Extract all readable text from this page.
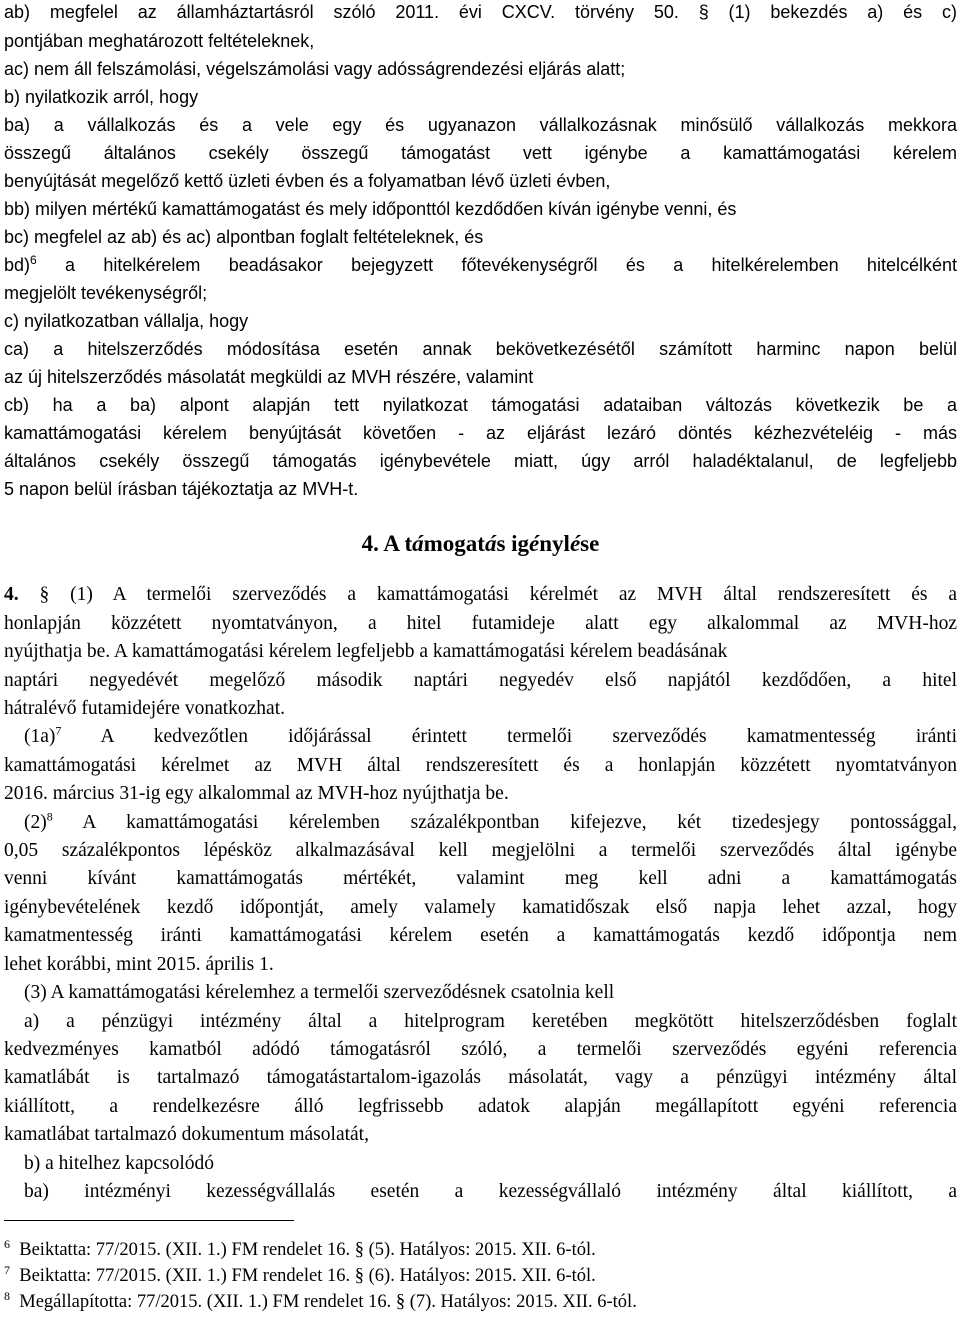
ab) megfelel az államháztartásról szóló 2011. évi CXCV. törvény 50. § (1) bekezdés a) és c)
pontjában meghatározott feltételeknek,
ac) nem áll felszámolási, végelszámolási vagy adósságrendezési eljárás alatt;
b) nyilatkozik arról, hogy
ba) a vállalkozás és a vele egy és ugyanazon vállalkozásnak minősülő vállalkozás mekkora
összegű általános csekély összegű támogatást vett igénybe a kamattámogatási kérelem
benyújtását megelőző kettő üzleti évben és a folyamatban lévő üzleti évben,
bb) milyen mértékű kamattámogatást és mely időponttól kezdődően kíván igénybe venni, és
bc) megfelel az ab) és ac) alpontban foglalt feltételeknek, és
bd)$^6$ a hitelkérelem beadásakor bejegyzett főtevékenységről és a hitelkérelemben hitelcélként
megjelölt tevékenységről;
c) nyilatkozatban vállalja, hogy
ca) a hitelszerződés módosítása esetén annak bekövetkezésétől számított harminc napon belül
az új hitelszerződés másolatát megküldi az MVH részére, valamint
cb) ha a ba) alpont alapján tett nyilatkozat támogatási adataiban változás következik be a
kamattámogatási kérelem benyújtását követően - az eljárást lezáró döntés kézhezvételéig - más
általános csekély összegű támogatás igénybevétele miatt, úgy arról haladéktalanul, de legfeljebb
5 napon belül írásban tájékoztatja az MVH-t.
4. A támogatás igénylése
4. § (1) A termelői szerveződés a kamattámogatási kérelmét az MVH által rendszeresített és a
honlapján közzétett nyomtatványon, a hitel futamideje alatt egy alkalommal az MVH-hoz
nyújthatja be. A kamattámogatási kérelem legfeljebb a kamattámogatási kérelem beadásának
naptári negyedévét megelőző második naptári negyedév első napjától kezdődően, a hitel
hátralévő futamidejére vonatkozhat.
$(1a)^7$ A kedvezőtlen időjárással érintett termelői szerveződés kamatmentesség iránti
kamattámogatási kérelmet az MVH által rendszeresített és a honlapján közzétett nyomtatványon
2016. március 31-ig egy alkalommal az MVH-hoz nyújthatja be.
$(2)^8$ A kamattámogatási kérelemben százalékpontban kifejezve, két tizedesjegy pontossággal,
0,05 százalékpontos lépésköz alkalmazásával kell megjelölni a termelői szerveződés által igénybe
venni kívánt kamattámogatás mértékét, valamint meg kell adni a kamattámogatás
igénybevételének kezdő időpontját, amely valamely kamatidőszak első napja lehet azzal, hogy
kamatmentesség iránti kamattámogatási kérelem esetén a kamattámogatás kezdő időpontja nem
lehet korábbi, mint 2015. április 1.
(3) A kamattámogatási kérelemhez a termelői szerveződésnek csatolnia kell
a) a pénzügyi intézmény által a hitelprogram keretében megkötött hitelszerződésben foglalt
kedvezményes kamatból adódó támogatásról szóló, a termelői szerveződés egyéni referencia
kamatlábát is tartalmazó támogatástartalom-igazolás másolatát, vagy a pénzügyi intézmény által
kiállított, a rendelkezésre álló legfrissebb adatok alapján megállapított egyéni referencia
kamatlábat tartalmazó dokumentum másolatát,
b) a hitelhez kapcsolódó
ba) intézményi kezességvállalás esetén a kezességvállaló intézmény által kiállított, a
$^6$ Beiktatta: 77/2015. (XII. 1.) FM rendelet 16. § (5). Hatályos: 2015. XII. 6-tól.
$^7$ Beiktatta: 77/2015. (XII. 1.) FM rendelet 16. § (6). Hatályos: 2015. XII. 6-tól.
$^8$ Megállapította: 77/2015. (XII. 1.) FM rendelet 16. § (7). Hatályos: 2015. XII. 6-tól.
